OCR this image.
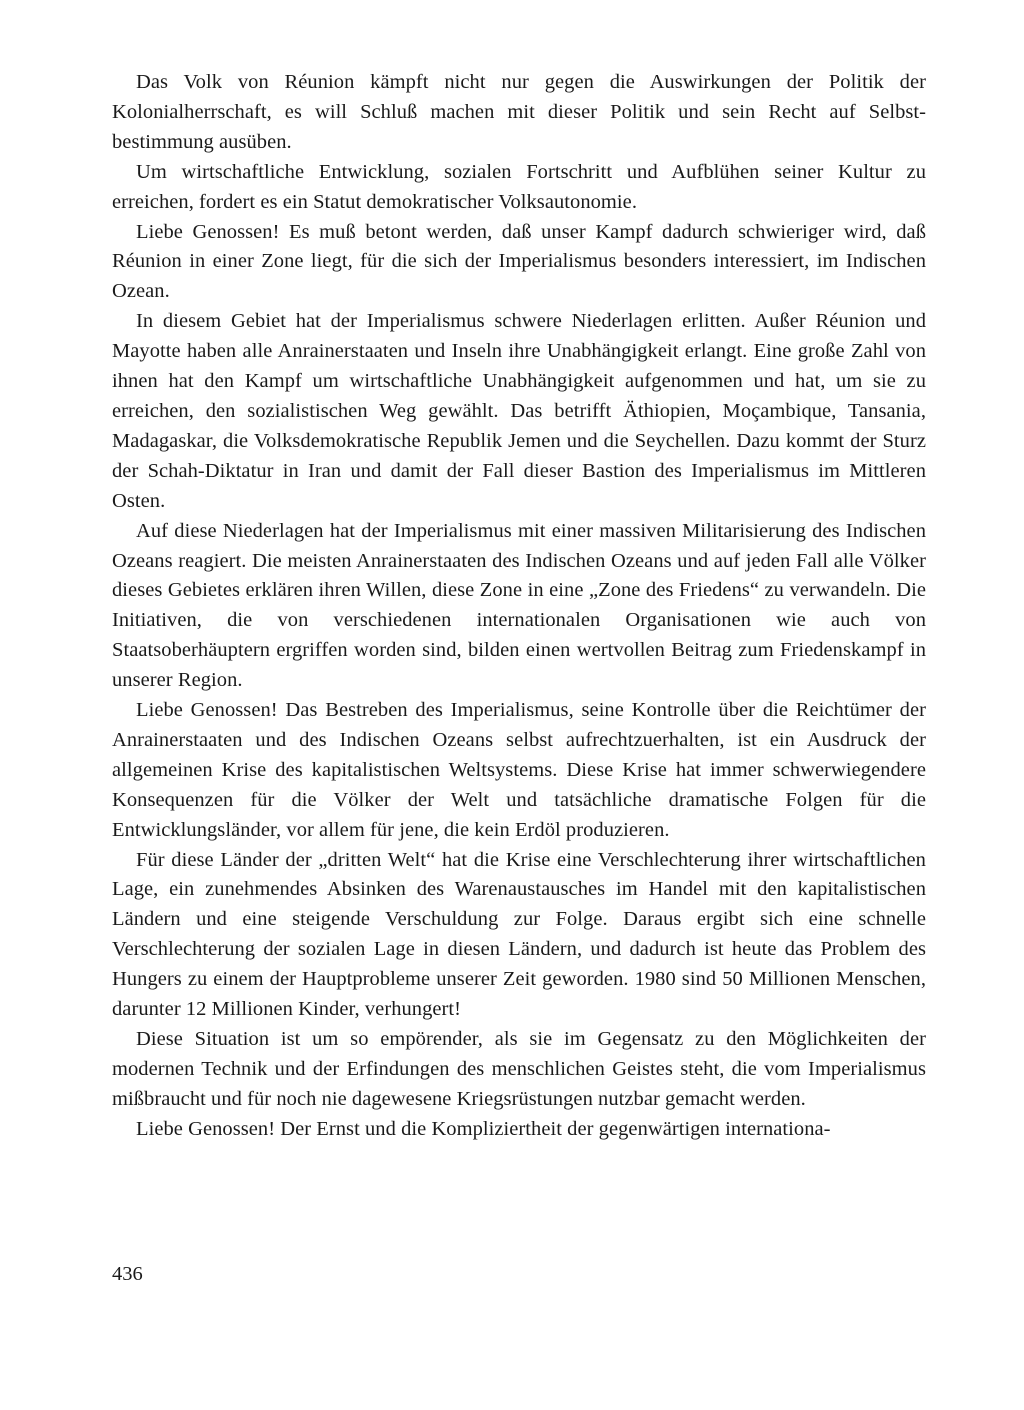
Das Volk von Réunion kämpft nicht nur gegen die Auswirkungen der Politik der Kolonialherrschaft, es will Schluß machen mit dieser Politik und sein Recht auf Selbstbestimmung ausüben.

Um wirtschaftliche Entwicklung, sozialen Fortschritt und Aufblühen seiner Kultur zu erreichen, fordert es ein Statut demokratischer Volksautonomie.

Liebe Genossen! Es muß betont werden, daß unser Kampf dadurch schwieriger wird, daß Réunion in einer Zone liegt, für die sich der Imperialismus besonders interessiert, im Indischen Ozean.

In diesem Gebiet hat der Imperialismus schwere Niederlagen erlitten. Außer Réunion und Mayotte haben alle Anrainerstaaten und Inseln ihre Unabhängigkeit erlangt. Eine große Zahl von ihnen hat den Kampf um wirtschaftliche Unabhängigkeit aufgenommen und hat, um sie zu erreichen, den sozialistischen Weg gewählt. Das betrifft Äthiopien, Moçambique, Tansania, Madagaskar, die Volksdemokratische Republik Jemen und die Seychellen. Dazu kommt der Sturz der Schah-Diktatur in Iran und damit der Fall dieser Bastion des Imperialismus im Mittleren Osten.

Auf diese Niederlagen hat der Imperialismus mit einer massiven Militarisierung des Indischen Ozeans reagiert. Die meisten Anrainerstaaten des Indischen Ozeans und auf jeden Fall alle Völker dieses Gebietes erklären ihren Willen, diese Zone in eine „Zone des Friedens“ zu verwandeln. Die Initiativen, die von verschiedenen internationalen Organisationen wie auch von Staatsoberhäuptern ergriffen worden sind, bilden einen wertvollen Beitrag zum Friedenskampf in unserer Region.

Liebe Genossen! Das Bestreben des Imperialismus, seine Kontrolle über die Reichtümer der Anrainerstaaten und des Indischen Ozeans selbst aufrechtzuerhalten, ist ein Ausdruck der allgemeinen Krise des kapitalistischen Weltsystems. Diese Krise hat immer schwerwiegendere Konsequenzen für die Völker der Welt und tatsächliche dramatische Folgen für die Entwicklungsländer, vor allem für jene, die kein Erdöl produzieren.

Für diese Länder der „dritten Welt“ hat die Krise eine Verschlechterung ihrer wirtschaftlichen Lage, ein zunehmendes Absinken des Warenaustausches im Handel mit den kapitalistischen Ländern und eine steigende Verschuldung zur Folge. Daraus ergibt sich eine schnelle Verschlechterung der sozialen Lage in diesen Ländern, und dadurch ist heute das Problem des Hungers zu einem der Hauptprobleme unserer Zeit geworden. 1980 sind 50 Millionen Menschen, darunter 12 Millionen Kinder, verhungert!

Diese Situation ist um so empörender, als sie im Gegensatz zu den Möglichkeiten der modernen Technik und der Erfindungen des menschlichen Geistes steht, die vom Imperialismus mißbraucht und für noch nie dagewesene Kriegsrüstungen nutzbar gemacht werden.

Liebe Genossen! Der Ernst und die Kompliziertheit der gegenwärtigen internationa-

436
